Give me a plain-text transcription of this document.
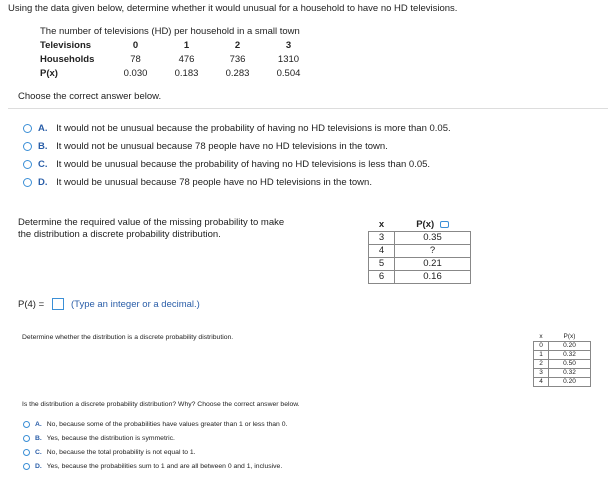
Using the data given below, determine whether it would unusual for a household to have no HD televisions.
The number of televisions (HD) per household in a small town
Televisions	0	1	2	3
Households	78	476	736	1310
P(x)	0.030	0.183	0.283	0.504
Choose the correct answer below.
A. It would not be unusual because the probability of having no HD televisions is more than 0.05.
B. It would not be unusual because 78 people have no HD televisions in the town.
C. It would be unusual because the probability of having no HD televisions is less than 0.05.
D. It would be unusual because 78 people have no HD televisions in the town.
Determine the required value of the missing probability to make
the distribution a discrete probability distribution.
x	P(x)
3	0.35
4	?
5	0.21
6	0.16
P(4) =	(Type an integer or a decimal.)
Determine whether the distribution is a discrete probability distribution.	x	P(x)
0	0.20
1	0.32
2	0.50
3	0.32
4	0.20
Is the distribution a discrete probability distribution? Why? Choose the correct answer below.
A. No, because some of the probabilities have values greater than 1 or less than 0.
B. Yes, because the distribution is symmetric.
C. No, because the total probability is not equal to 1.
D. Yes, because the probabilities sum to 1 and are all between 0 and 1, inclusive.
